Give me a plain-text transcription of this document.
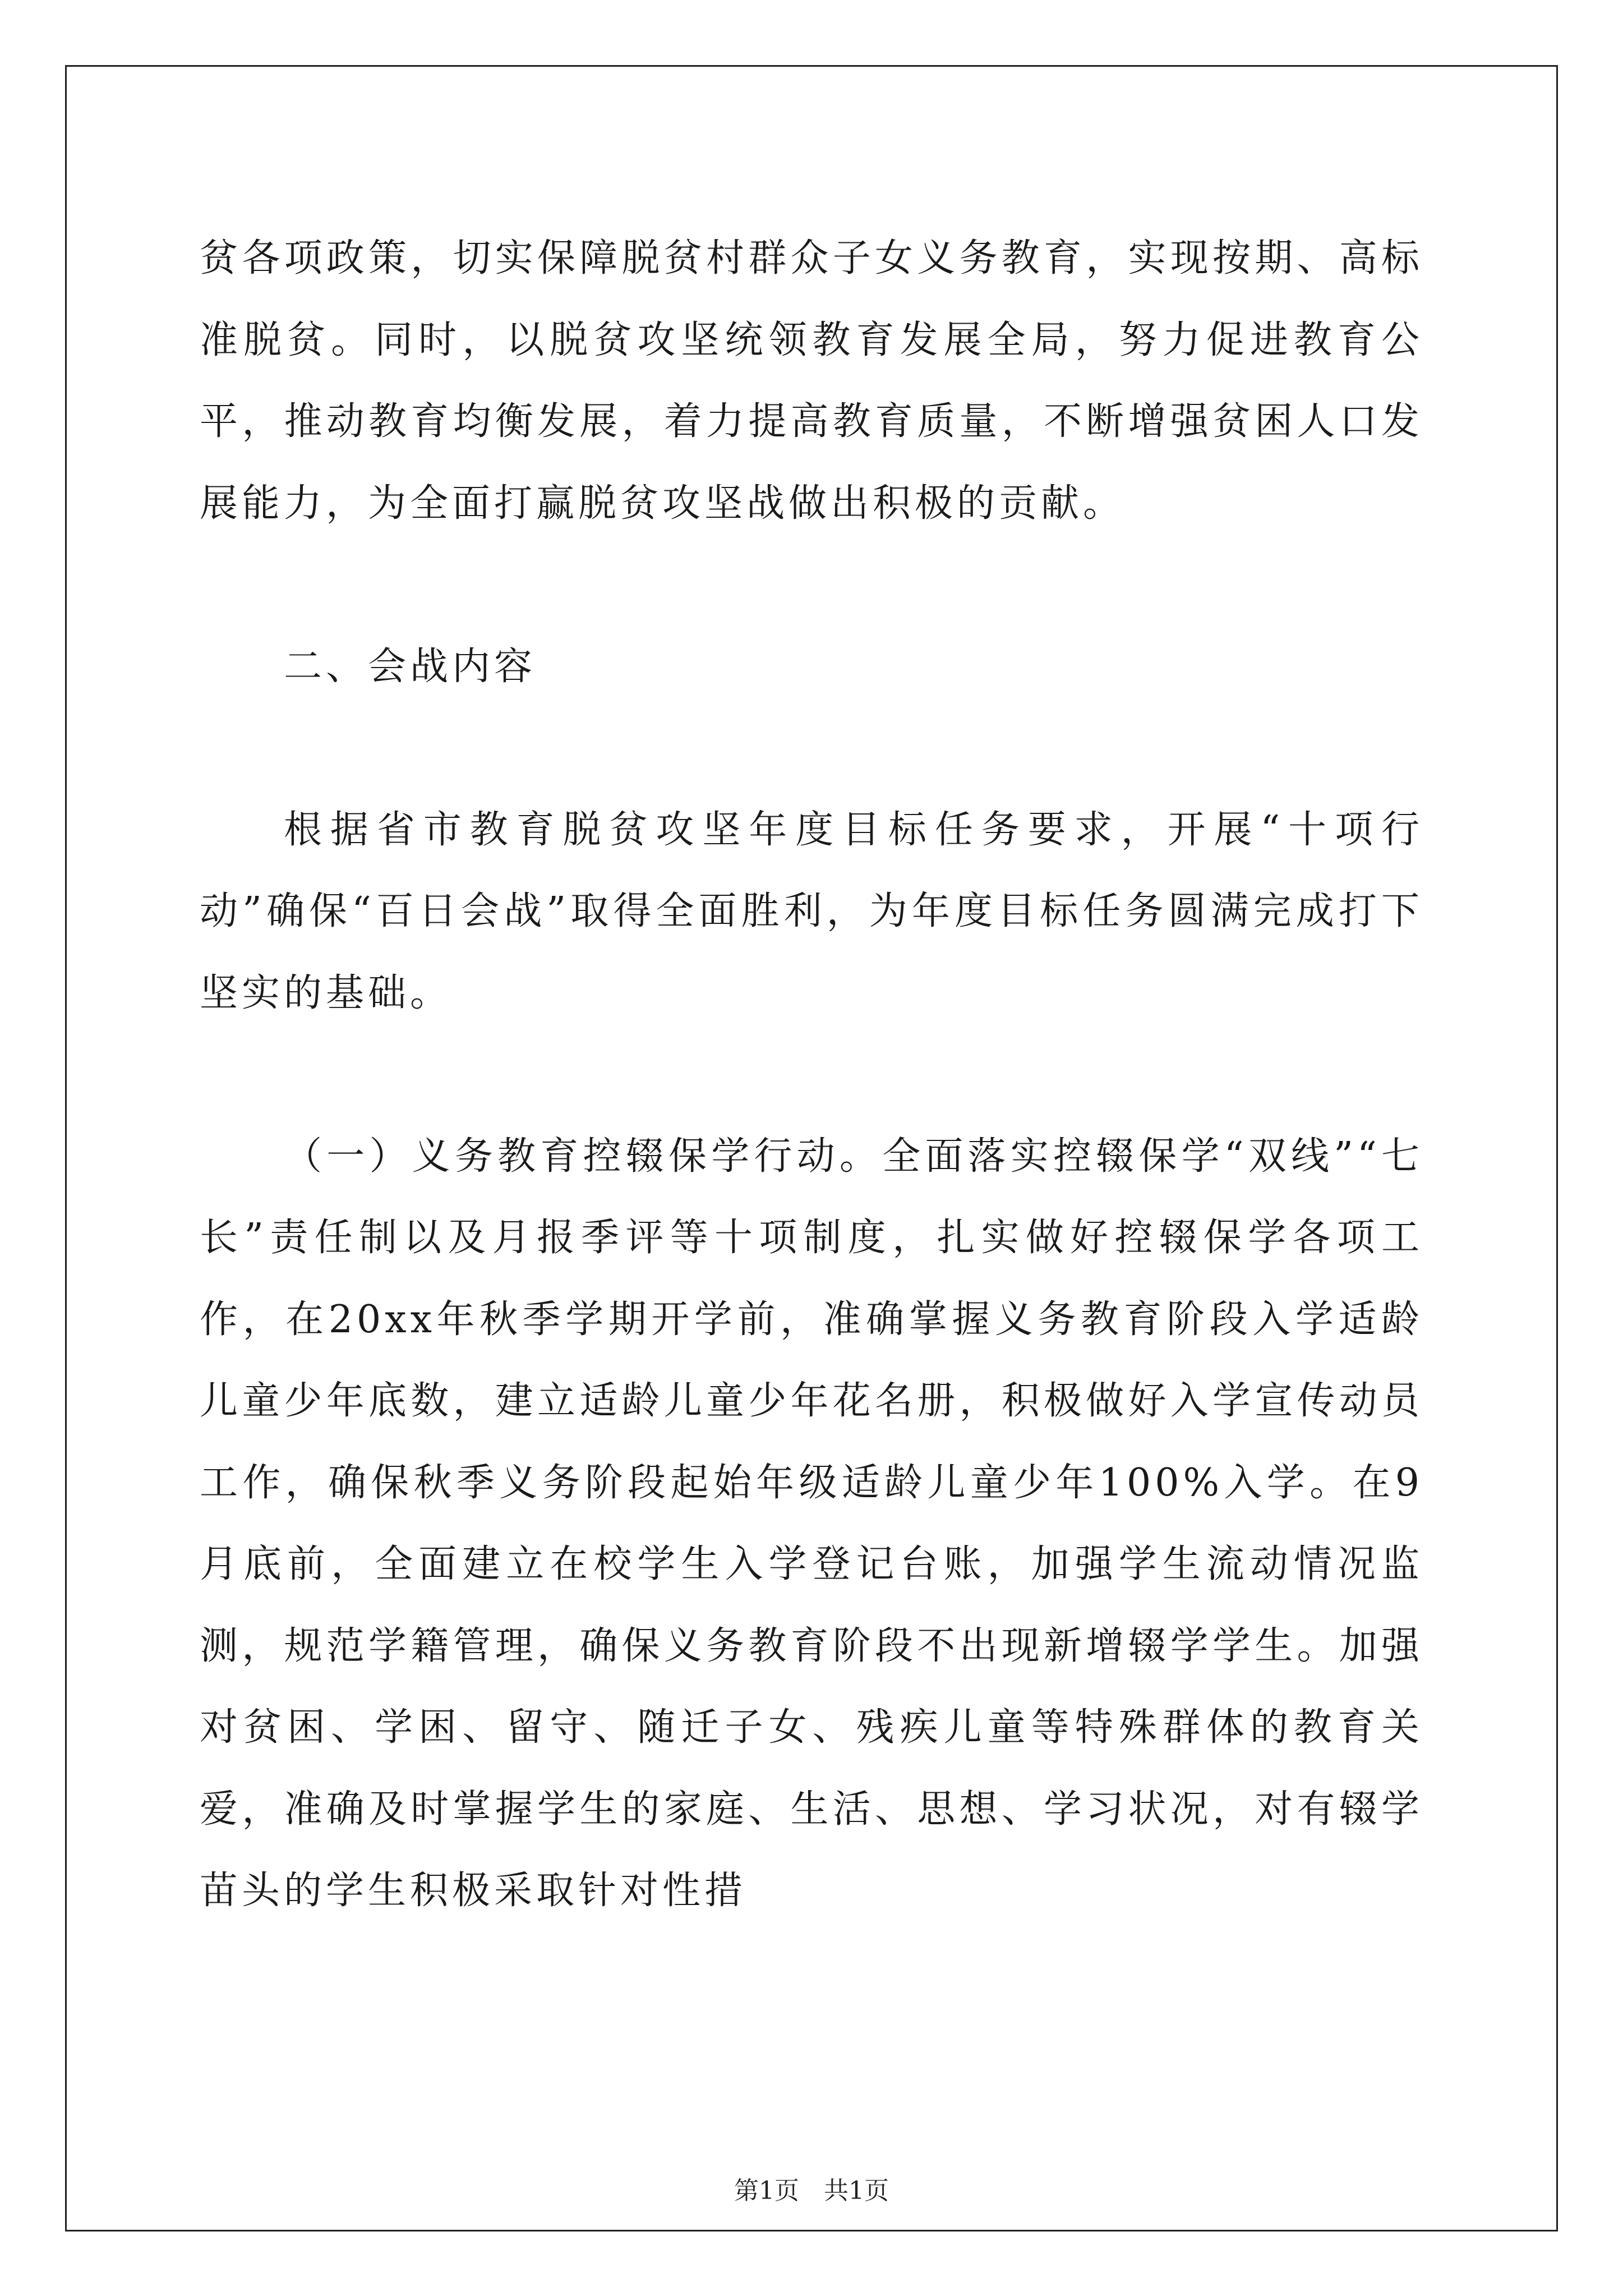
贫各项政策，切实保障脱贫村群众子女义务教育，实现按期、高标准脱贫。同时，以脱贫攻坚统领教育发展全局，努力促进教育公平，推动教育均衡发展，着力提高教育质量，不断增强贫困人口发展能力，为全面打赢脱贫攻坚战做出积极的贡献。

二、会战内容

根据省市教育脱贫攻坚年度目标任务要求，开展“十项行动”确保“百日会战”取得全面胜利，为年度目标任务圆满完成打下坚实的基础。

（一）义务教育控辍保学行动。全面落实控辍保学“双线”“七长”责任制以及月报季评等十项制度，扎实做好控辍保学各项工作，在20xx年秋季学期开学前，准确掌握义务教育阶段入学适龄儿童少年底数，建立适龄儿童少年花名册，积极做好入学宣传动员工作，确保秋季义务阶段起始年级适龄儿童少年100%入学。在9月底前，全面建立在校学生入学登记台账，加强学生流动情况监测，规范学籍管理，确保义务教育阶段不出现新增辍学学生。加强对贫困、学困、留守、随迁子女、残疾儿童等特殊群体的教育关爱，准确及时掌握学生的家庭、生活、思想、学习状况，对有辍学苗头的学生积极采取针对性措

第1页　共1页
